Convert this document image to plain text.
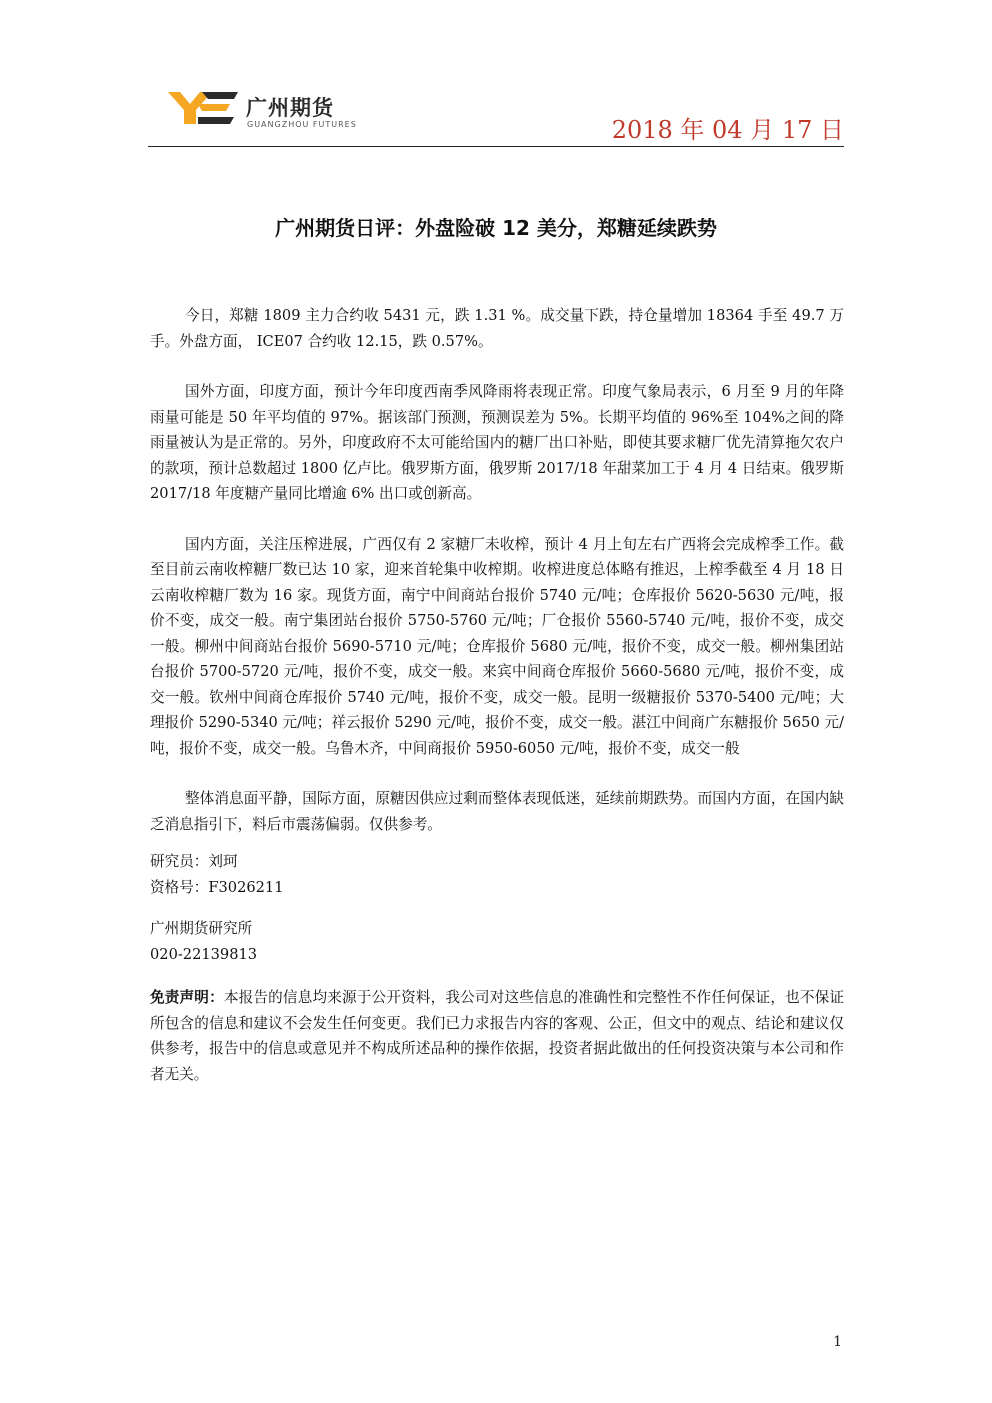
广州期货
GUANGZHOU FUTURES	2018 年 04 月 17 日
广州期货日评：外盘险破 12 美分，郑糖延续跌势

今日，郑糖 1809 主力合约收 5431 元，跌 1.31 %。成交量下跌，持仓量增加 18364 手至 49.7 万手。外盘方面， ICE07 合约收 12.15，跌 0.57%。

国外方面，印度方面，预计今年印度西南季风降雨将表现正常。印度气象局表示，6 月至 9 月的年降雨量可能是 50 年平均值的 97%。据该部门预测，预测误差为 5%。长期平均值的 96%至 104%之间的降雨量被认为是正常的。另外，印度政府不太可能给国内的糖厂出口补贴，即使其要求糖厂优先清算拖欠农户的款项，预计总数超过 1800 亿卢比。俄罗斯方面，俄罗斯 2017/18 年甜菜加工于 4 月 4 日结束。俄罗斯 2017/18 年度糖产量同比增逾 6% 出口或创新高。

国内方面，关注压榨进展，广西仅有 2 家糖厂未收榨，预计 4 月上旬左右广西将会完成榨季工作。截至目前云南收榨糖厂数已达 10 家，迎来首轮集中收榨期。收榨进度总体略有推迟，上榨季截至 4 月 18 日云南收榨糖厂数为 16 家。现货方面，南宁中间商站台报价 5740 元/吨；仓库报价 5620-5630 元/吨，报价不变，成交一般。南宁集团站台报价 5750-5760 元/吨；厂仓报价 5560-5740 元/吨，报价不变，成交一般。柳州中间商站台报价 5690-5710 元/吨；仓库报价 5680 元/吨，报价不变，成交一般。柳州集团站台报价 5700-5720 元/吨，报价不变，成交一般。来宾中间商仓库报价 5660-5680 元/吨，报价不变，成交一般。钦州中间商仓库报价 5740 元/吨，报价不变，成交一般。昆明一级糖报价 5370-5400 元/吨；大理报价 5290-5340 元/吨；祥云报价 5290 元/吨，报价不变，成交一般。湛江中间商广东糖报价 5650 元/吨，报价不变，成交一般。乌鲁木齐，中间商报价 5950-6050 元/吨，报价不变，成交一般

整体消息面平静，国际方面，原糖因供应过剩而整体表现低迷，延续前期跌势。而国内方面，在国内缺乏消息指引下，料后市震荡偏弱。仅供参考。

研究员：刘珂

资格号：F3026211

广州期货研究所

020-22139813

免责声明：本报告的信息均来源于公开资料，我公司对这些信息的准确性和完整性不作任何保证，也不保证所包含的信息和建议不会发生任何变更。我们已力求报告内容的客观、公正，但文中的观点、结论和建议仅供参考，报告中的信息或意见并不构成所述品种的操作依据，投资者据此做出的任何投资决策与本公司和作者无关。

1
